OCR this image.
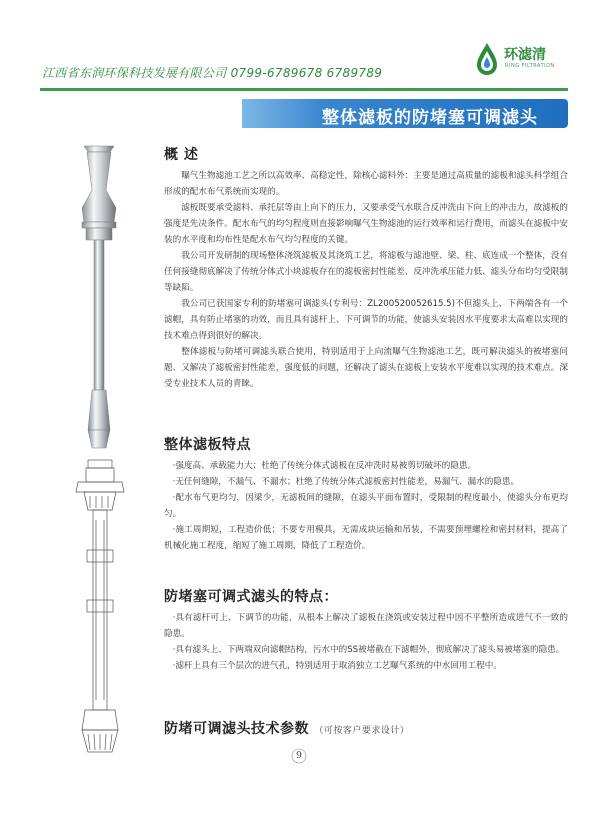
江西省东润环保科技发展有限公司 0799-6789678 6789789
环滤清
RING FILTRATION
整体滤板的防堵塞可调滤头
概 述

曝气生物滤池工艺之所以高效率、高稳定性，除核心滤料外：主要是通过高质量的滤板和滤头科学组合形成的配水布气系统而实现的。

滤板既要承受滤料、承托层等由上向下的压力，又要承受气水联合反冲洗由下向上的冲击力，故滤板的强度是先决条件。配水布气的均匀程度则直接影响曝气生物滤池的运行效率和运行费用，而滤头在滤板中安装的水平度和均布性是配水布气均匀程度的关键。

我公司开发研制的现场整体浇筑滤板及其浇筑工艺，将滤板与滤池壁、梁、柱、底连成一个整体，没有任何接缝彻底解决了传统分体式小块滤板存在的滤板密封性能差、反冲洗承压能力低、滤头分布均匀受限制等缺陷。

我公司已获国家专利的防堵塞可调滤头(专利号：ZL200520052615.5)不但滤头上、下两端各有一个滤帽，具有防止堵塞的功效，而且具有滤杆上、下可调节的功能，使滤头安装因水平度要求太高难以实现的技术难点得到很好的解决。

整体滤板与防堵可调滤头联合使用，特别适用于上向流曝气生物滤池工艺，既可解决滤头的被堵塞问题、又解决了滤板密封性能差，强度低的问题，还解决了滤头在滤板上安装水平度难以实现的技术难点。深受专业技术人员的青睐。

整体滤板特点

·强度高、承载能力大；杜绝了传统分体式滤板在反冲洗时易被剪切破坏的隐患。

·无任何缝隙，不漏气、不漏水；杜绝了传统分体式滤板密封性能差，易漏气、漏水的隐患。

·配水布气更均匀，因梁少，无滤板间的缝隙，在滤头平面布置时，受限制的程度最小，使滤头分布更均匀。

·施工周期短，工程造价低；不要专用模具，无需成块运输和吊装，不需要预埋螺栓和密封材料，提高了机械化施工程度，缩短了施工周期，降低了工程造价。

防堵塞可调式滤头的特点：

·具有滤杆可上、下调节的功能，从根本上解决了滤板在浇筑或安装过程中因不平整所造成进气不一致的隐患。

·具有滤头上、下两端双向滤帽结构，污水中的SS被堵截在下滤帽外，彻底解决了滤头易被堵塞的隐患。

·滤杆上具有三个层次的进气孔，特别适用于取消独立工艺曝气系统的中水回用工程中。

防堵可调滤头技术参数 （可按客户要求设计）
9
